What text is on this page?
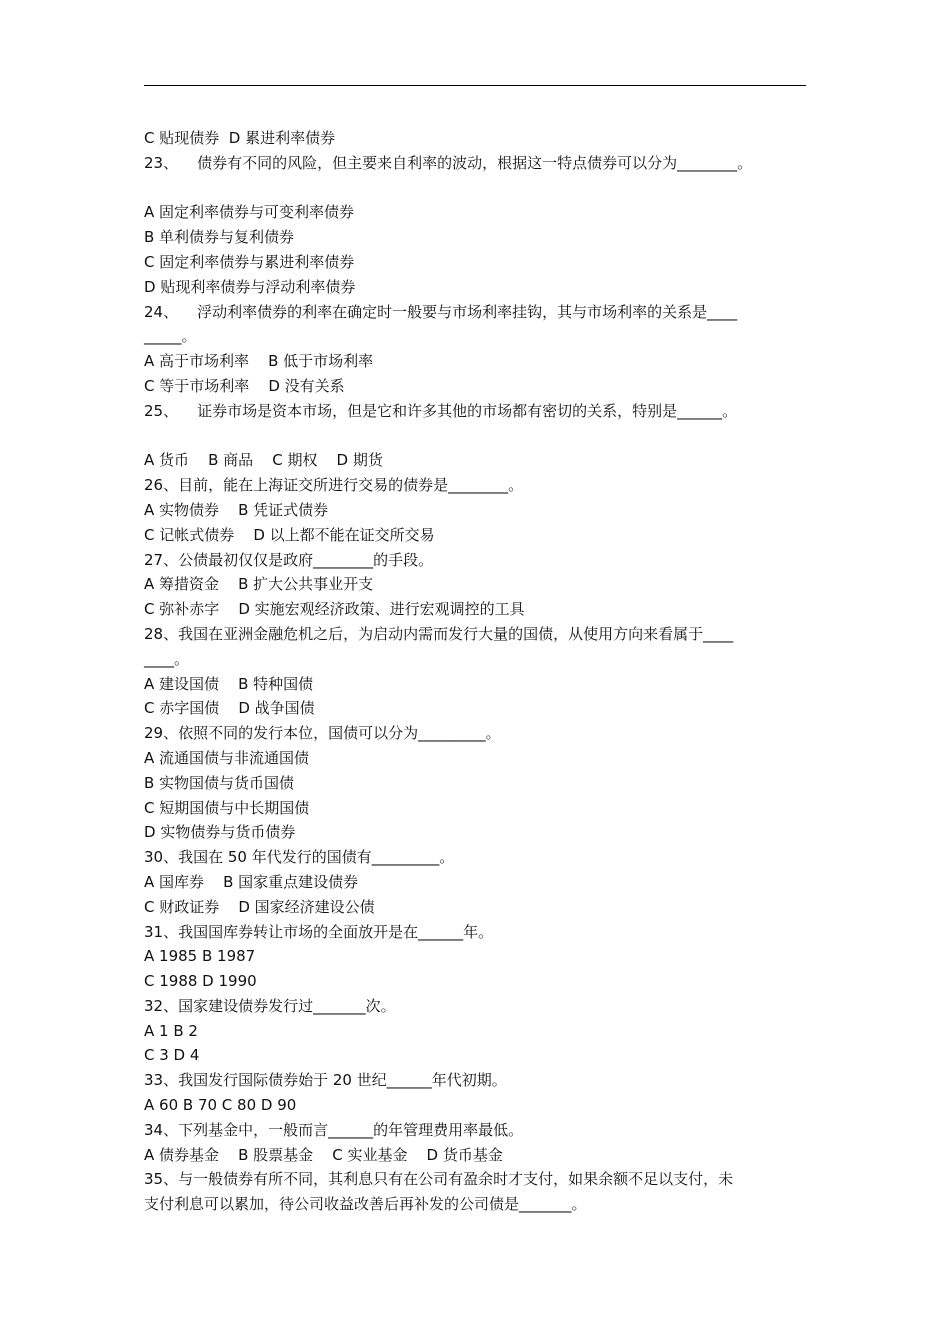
C 贴现债券  D 累进利率债券
23、    债券有不同的风险，但主要来自利率的波动，根据这一特点债券可以分为________。
A 固定利率债券与可变利率债券
B 单利债券与复利债券
C 固定利率债券与累进利率债券
D 贴现利率债券与浮动利率债券
24、    浮动利率债券的利率在确定时一般要与市场利率挂钩，其与市场利率的关系是____
_____。
A 高于市场利率    B 低于市场利率
C 等于市场利率    D 没有关系
25、    证券市场是资本市场，但是它和许多其他的市场都有密切的关系，特别是______。
A 货币    B 商品    C 期权    D 期货
26、目前，能在上海证交所进行交易的债券是________。
A 实物债券    B 凭证式债券
C 记帐式债券    D 以上都不能在证交所交易
27、公债最初仅仅是政府________的手段。
A 筹措资金    B 扩大公共事业开支
C 弥补赤字    D 实施宏观经济政策、进行宏观调控的工具
28、我国在亚洲金融危机之后，为启动内需而发行大量的国债，从使用方向来看属于____
____。
A 建设国债    B 特种国债
C 赤字国债    D 战争国债
29、依照不同的发行本位，国债可以分为_________。
A 流通国债与非流通国债
B 实物国债与货币国债
C 短期国债与中长期国债
D 实物债券与货币债券
30、我国在 50 年代发行的国债有_________。
A 国库券    B 国家重点建设债券
C 财政证券    D 国家经济建设公债
31、我国国库券转让市场的全面放开是在______年。
A 1985 B 1987
C 1988 D 1990
32、国家建设债券发行过_______次。
A 1 B 2
C 3 D 4
33、我国发行国际债券始于 20 世纪______年代初期。
A 60 B 70 C 80 D 90
34、下列基金中，一般而言______的年管理费用率最低。
A 债券基金    B 股票基金    C 实业基金    D 货币基金
35、与一般债券有所不同，其利息只有在公司有盈余时才支付，如果余额不足以支付，未
支付利息可以累加，待公司收益改善后再补发的公司债是_______。
